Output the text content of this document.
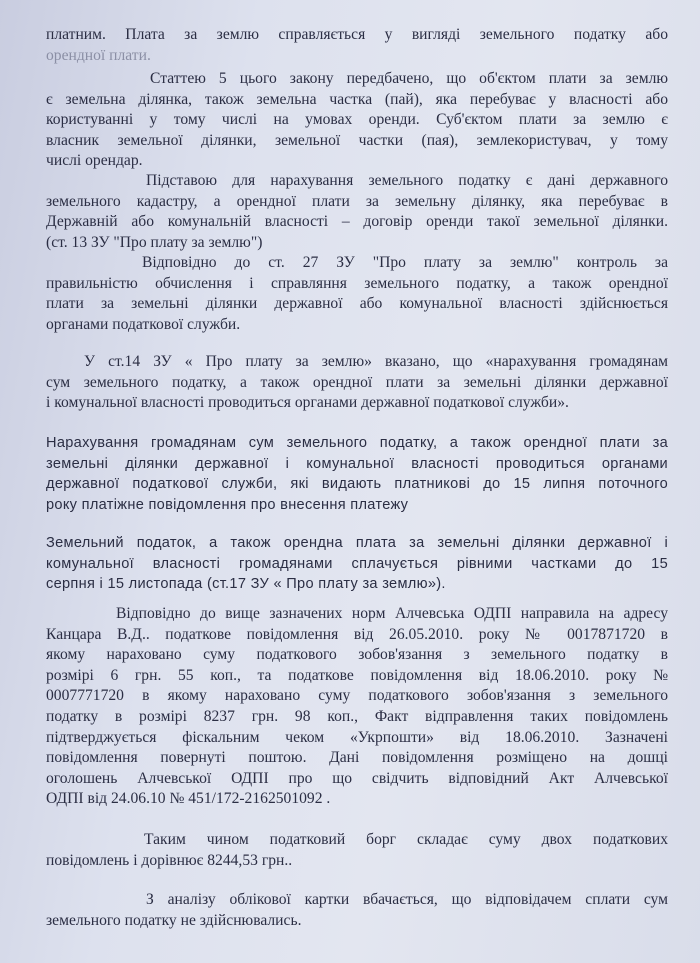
платним. Плата за землю справляється у вигляді земельного податку або
орендної плати.
Статтею 5 цього закону передбачено, що об'єктом плати за землю
є земельна ділянка, також земельна частка (пай), яка перебуває у власності або
користуванні у тому числі на умовах оренди. Суб'єктом плати за землю є
власник земельної ділянки, земельної частки (пая), землекористувач, у тому
числі орендар.
Підставою для нарахування земельного податку є дані державного
земельного кадастру, а орендної плати за земельну ділянку, яка перебуває в
Державній або комунальній власності – договір оренди такої земельної ділянки.
(ст. 13 ЗУ "Про плату за землю")
Відповідно до ст. 27 ЗУ "Про плату за землю" контроль за
правильністю обчислення і справляння земельного податку, а також орендної
плати за земельні ділянки державної або комунальної власності здійснюється
органами податкової служби.
У ст.14 ЗУ « Про плату за землю» вказано, що «нарахування громадянам
сум земельного податку, а також орендної плати за земельні ділянки державної
і комунальної власності проводиться органами державної податкової служби».
Нарахування громадянам сум земельного податку, а також орендної плати за
земельні ділянки державної і комунальної власності проводиться органами
державної податкової служби, які видають платникові до 15 липня поточного
року платіжне повідомлення про внесення платежу
Земельний податок, а також орендна плата за земельні ділянки державної і
комунальної власності громадянами сплачується рівними частками до 15
серпня і 15 листопада (ст.17 ЗУ « Про плату за землю»).
Відповідно до вище зазначених норм Алчевська ОДПІ направила на адресу
Канцара В.Д.. податкове повідомлення від 26.05.2010. року № 0017871720 в
якому нараховано суму податкового зобов'язання з земельного податку в
розмірі 6 грн. 55 коп., та податкове повідомлення від 18.06.2010. року №
0007771720 в якому нараховано суму податкового зобов'язання з земельного
податку в розмірі 8237 грн. 98 коп., Факт відправлення таких повідомлень
підтверджується фіскальним чеком «Укрпошти» від 18.06.2010. Зазначені
повідомлення повернуті поштою. Дані повідомлення розміщено на дошці
оголошень Алчевської ОДПІ про що свідчить відповідний Акт Алчевської
ОДПІ від 24.06.10 № 451/172-2162501092 .
Таким чином податковий борг складає суму двох податкових
повідомлень і дорівнює 8244,53 грн..
З аналізу облікової картки вбачається, що відповідачем сплати сум
земельного податку не здійснювались.
